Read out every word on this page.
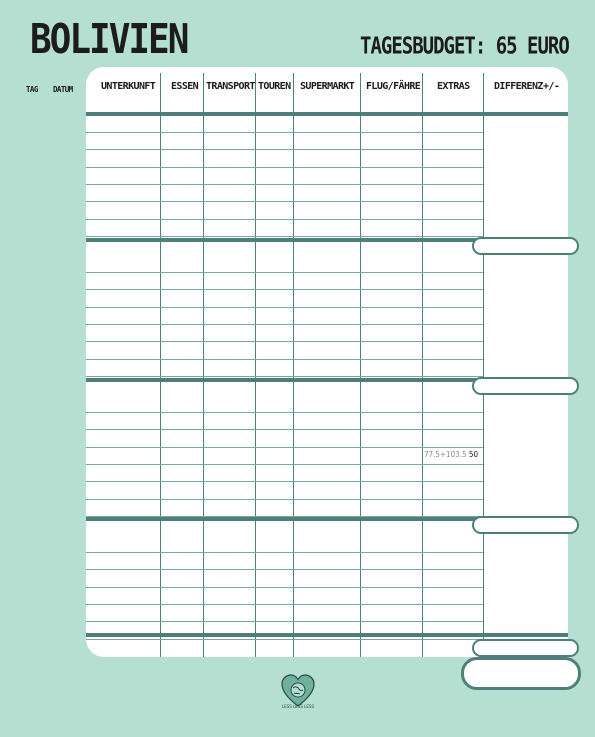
BOLIVIEN	TAGESBUDGET: 65 EURO
TAG DATUM	UNTERKUNFT ESSEN TRANSPORT TOUREN SUPERMARKT FLUG/FÄHRE EXTRAS DIFFERENZ +/-
77.5+103.5 50
LESS LESS LESS
